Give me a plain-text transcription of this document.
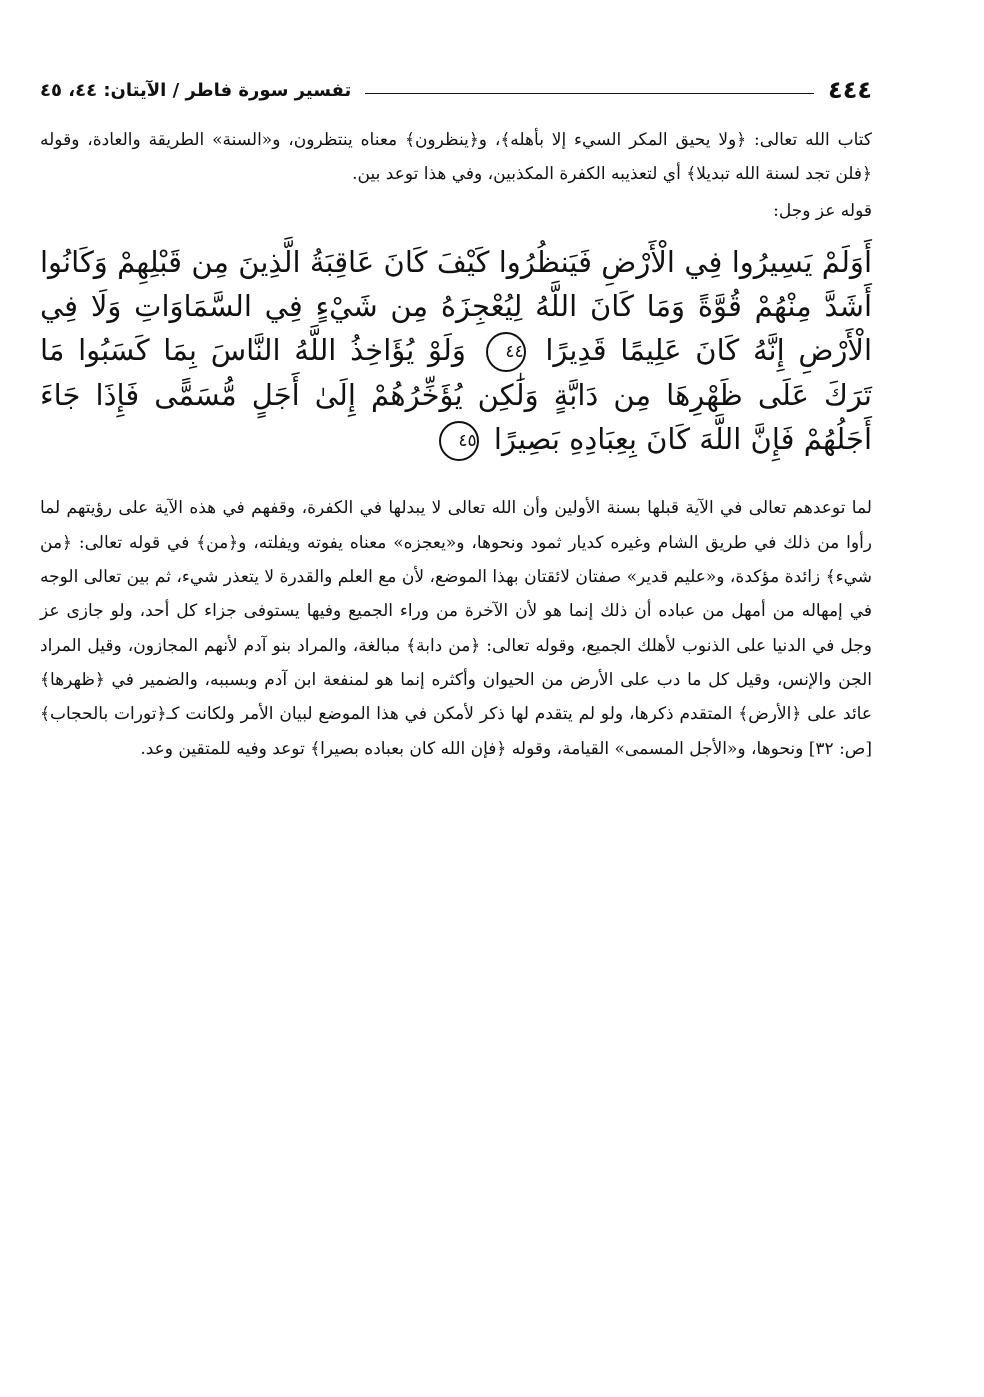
٤٤٤
تفسير سورة فاطر / الآيتان: ٤٤، ٤٥

كتاب الله تعالى: ﴿ولا يحيق المكر السيء إلا بأهله﴾، و﴿ينظرون﴾ معناه ينتظرون، و«السنة» الطريقة والعادة، وقوله ﴿فلن تجد لسنة الله تبديلا﴾ أي لتعذيبه الكفرة المكذبين، وفي هذا توعد بين.

قوله عز وجل:

أَوَلَمْ يَسِيرُوا فِي الْأَرْضِ فَيَنظُرُوا كَيْفَ كَانَ عَاقِبَةُ الَّذِينَ مِن قَبْلِهِمْ وَكَانُوا أَشَدَّ مِنْهُمْ قُوَّةً وَمَا كَانَ اللَّهُ لِيُعْجِزَهُ مِن شَيْءٍ فِي السَّمَاوَاتِ وَلَا فِي الْأَرْضِ إِنَّهُ كَانَ عَلِيمًا قَدِيرًا ٤٤ وَلَوْ يُؤَاخِذُ اللَّهُ النَّاسَ بِمَا كَسَبُوا مَا تَرَكَ عَلَى ظَهْرِهَا مِن دَابَّةٍ وَلَٰكِن يُؤَخِّرُهُمْ إِلَىٰ أَجَلٍ مُّسَمًّى فَإِذَا جَاءَ أَجَلُهُمْ فَإِنَّ اللَّهَ كَانَ بِعِبَادِهِ بَصِيرًا ٤٥

لما توعدهم تعالى في الآية قبلها بسنة الأولين وأن الله تعالى لا يبدلها في الكفرة، وقفهم في هذه الآية على رؤيتهم لما رأوا من ذلك في طريق الشام وغيره كديار ثمود ونحوها، و«يعجزه» معناه يفوته ويفلته، و﴿من﴾ في قوله تعالى: ﴿من شيء﴾ زائدة مؤكدة، و«عليم قدير» صفتان لائقتان بهذا الموضع، لأن مع العلم والقدرة لا يتعذر شيء، ثم بين تعالى الوجه في إمهاله من أمهل من عباده أن ذلك إنما هو لأن الآخرة من وراء الجميع وفيها يستوفى جزاء كل أحد، ولو جازى عز وجل في الدنيا على الذنوب لأهلك الجميع، وقوله تعالى: ﴿من دابة﴾ مبالغة، والمراد بنو آدم لأنهم المجازون، وقيل المراد الجن والإنس، وقيل كل ما دب على الأرض من الحيوان وأكثره إنما هو لمنفعة ابن آدم وبسببه، والضمير في ﴿ظهرها﴾ عائد على ﴿الأرض﴾ المتقدم ذكرها، ولو لم يتقدم لها ذكر لأمكن في هذا الموضع لبيان الأمر ولكانت كـ﴿تورات بالحجاب﴾ [ص: ٣٢] ونحوها، و«الأجل المسمى» القيامة، وقوله ﴿فإن الله كان بعباده بصيرا﴾ توعد وفيه للمتقين وعد.
